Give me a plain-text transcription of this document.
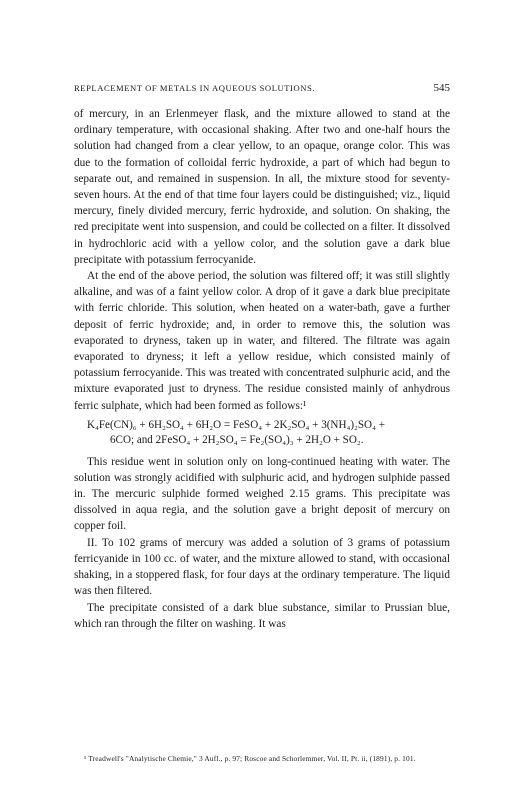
REPLACEMENT OF METALS IN AQUEOUS SOLUTIONS.	545

of mercury, in an Erlenmeyer flask, and the mixture allowed to stand at the ordinary temperature, with occasional shaking. After two and one-half hours the solution had changed from a clear yellow, to an opaque, orange color. This was due to the formation of colloidal ferric hydroxide, a part of which had begun to separate out, and remained in suspension. In all, the mixture stood for seventy-seven hours. At the end of that time four layers could be distinguished; viz., liquid mercury, finely divided mercury, ferric hydroxide, and solution. On shaking, the red precipitate went into suspension, and could be collected on a filter. It dissolved in hydrochloric acid with a yellow color, and the solution gave a dark blue precipitate with potassium ferrocyanide.

At the end of the above period, the solution was filtered off; it was still slightly alkaline, and was of a faint yellow color. A drop of it gave a dark blue precipitate with ferric chloride. This solution, when heated on a water-bath, gave a further deposit of ferric hydroxide; and, in order to remove this, the solution was evaporated to dryness, taken up in water, and filtered. The filtrate was again evaporated to dryness; it left a yellow residue, which consisted mainly of potassium ferrocyanide. This was treated with concentrated sulphuric acid, and the mixture evaporated just to dryness. The residue consisted mainly of anhydrous ferric sulphate, which had been formed as follows:¹

K₄Fe(CN)₆ + 6H₂SO₄ + 6H₂O = FeSO₄ + 2K₂SO₄ + 3(NH₄)₂SO₄ +
6CO; and 2FeSO₄ + 2H₂SO₄ = Fe₂(SO₄)₃ + 2H₂O + SO₂.

This residue went in solution only on long-continued heating with water. The solution was strongly acidified with sulphuric acid, and hydrogen sulphide passed in. The mercuric sulphide formed weighed 2.15 grams. This precipitate was dissolved in aqua regia, and the solution gave a bright deposit of mercury on copper foil.

II. To 102 grams of mercury was added a solution of 3 grams of potassium ferricyanide in 100 cc. of water, and the mixture allowed to stand, with occasional shaking, in a stoppered flask, for four days at the ordinary temperature. The liquid was then filtered.

The precipitate consisted of a dark blue substance, similar to Prussian blue, which ran through the filter on washing. It was

¹ Treadwell's "Analytische Chemie," 3 Aufl., p. 97; Roscoe and Schorlemmer, Vol. II, Pt. ii, (1891), p. 101.
